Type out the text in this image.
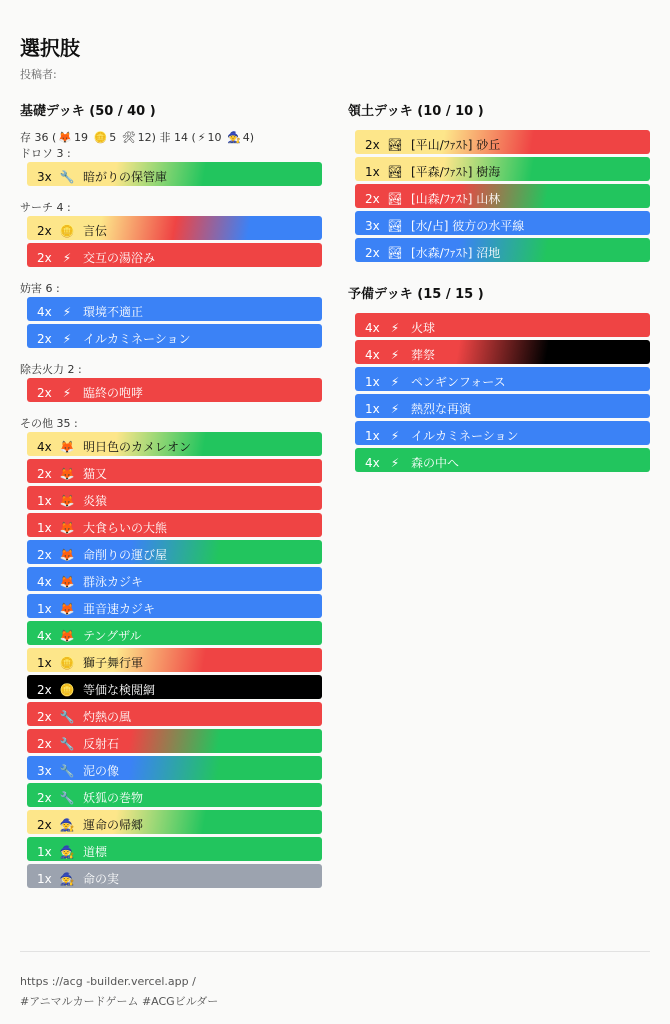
選択肢
投稿者:
基礎デッキ (50 / 40 )
存 36 ( 🦊 19 🪙 5 🛠 12) 非 14 ( ⚡ 10 🧙 4)
ドロソ 3 :
3x 🔧 暗がりの保管庫
サーチ 4 :
2x 🪙 言伝
2x ⚡ 交互の湯浴み
妨害 6 :
4x ⚡ 環境不適正
2x ⚡ イルカミネーション
除去火力 2 :
2x ⚡ 臨終の咆哮
その他 35 :
4x 🦊 明日色のカメレオン
2x 🦊 猫又
1x 🦊 炎猿
1x 🦊 大食らいの大熊
2x 🦊 命削りの運び屋
4x 🦊 群泳カジキ
1x 🦊 亜音速カジキ
4x 🦊 テングザル
1x 🪙 獅子舞行軍
2x 🪙 等価な検閲網
2x 🔧 灼熱の風
2x 🔧 反射石
3x 🔧 泥の像
2x 🔧 妖狐の巻物
2x 🧙 運命の帰郷
1x 🧙 道標
1x 🧙 命の実
領土デッキ (10 / 10 )
2x 🏞 [平山/ﾌｧｽﾄ] 砂丘
1x 🏞 [平森/ﾌｧｽﾄ] 樹海
2x 🏞 [山森/ﾌｧｽﾄ] 山林
3x 🏞 [水/占] 彼方の水平線
2x 🏞 [水森/ﾌｧｽﾄ] 沼地
予備デッキ (15 / 15 )
4x ⚡ 火球
4x ⚡ 葬祭
1x ⚡ ペンギンフォース
1x ⚡ 熱烈な再演
1x ⚡ イルカミネーション
4x ⚡ 森の中へ
https ://acg -builder.vercel.app /
#アニマルカードゲーム #ACGビルダー
